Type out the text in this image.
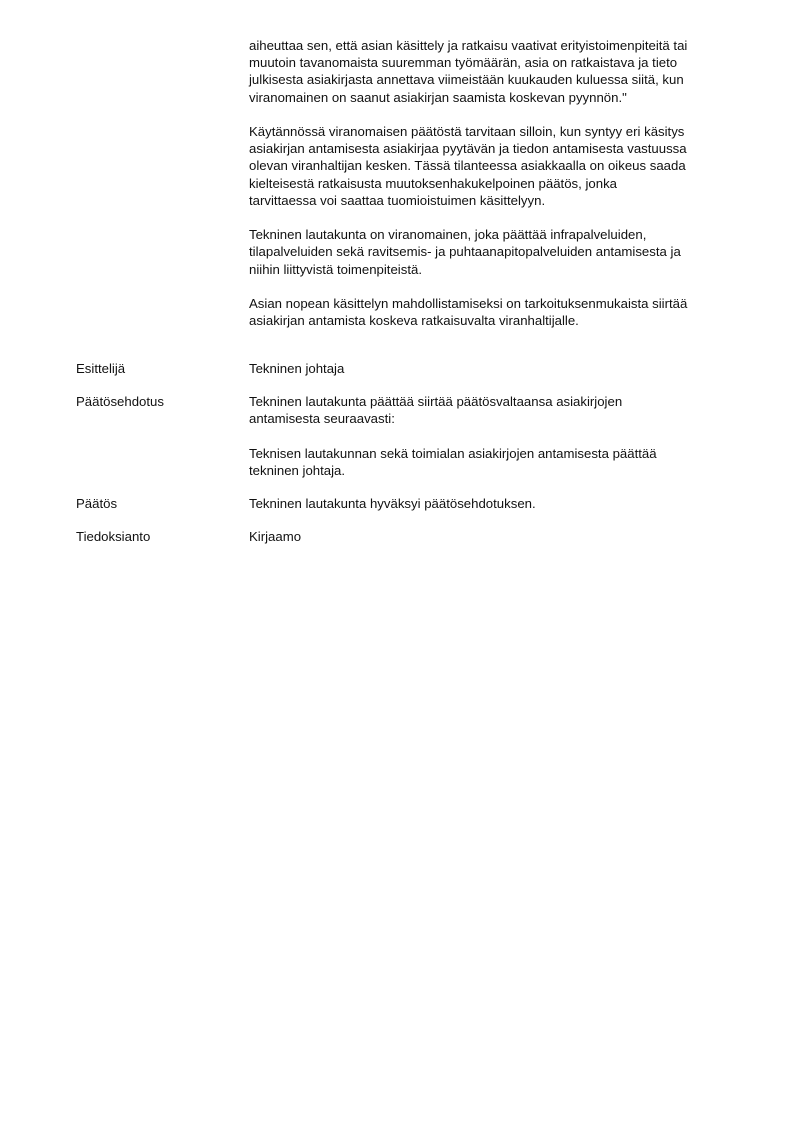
aiheuttaa sen, että asian käsittely ja ratkaisu vaativat erityistoimenpiteitä tai
muutoin tavanomaista suuremman työmäärän, asia on ratkaistava ja tieto
julkisesta asiakirjasta annettava viimeistään kuukauden kuluessa siitä, kun
viranomainen on saanut asiakirjan saamista koskevan pyynnön."

Käytännössä viranomaisen päätöstä tarvitaan silloin, kun syntyy eri käsitys
asiakirjan antamisesta asiakirjaa pyytävän ja tiedon antamisesta vastuussa
olevan viranhaltijan kesken. Tässä tilanteessa asiakkaalla on oikeus saada
kielteisestä ratkaisusta muutoksenhakukelpoinen päätös, jonka
tarvittaessa voi saattaa tuomioistuimen käsittelyyn.

Tekninen lautakunta on viranomainen, joka päättää infrapalveluiden,
tilapalveluiden sekä ravitsemis- ja puhtaanapitopalveluiden antamisesta ja
niihin liittyvistä toimenpiteistä.

Asian nopean käsittelyn mahdollistamiseksi on tarkoituksenmukaista siirtää
asiakirjan antamista koskeva ratkaisuvalta viranhaltijalle.

Esittelijä	Tekninen johtaja

Päätösehdotus	Tekninen lautakunta päättää siirtää päätösvaltaansa asiakirjojen
antamisesta seuraavasti:

Teknisen lautakunnan sekä toimialan asiakirjojen antamisesta päättää
tekninen johtaja.

Päätös	Tekninen lautakunta hyväksyi päätösehdotuksen.

Tiedoksianto	Kirjaamo
